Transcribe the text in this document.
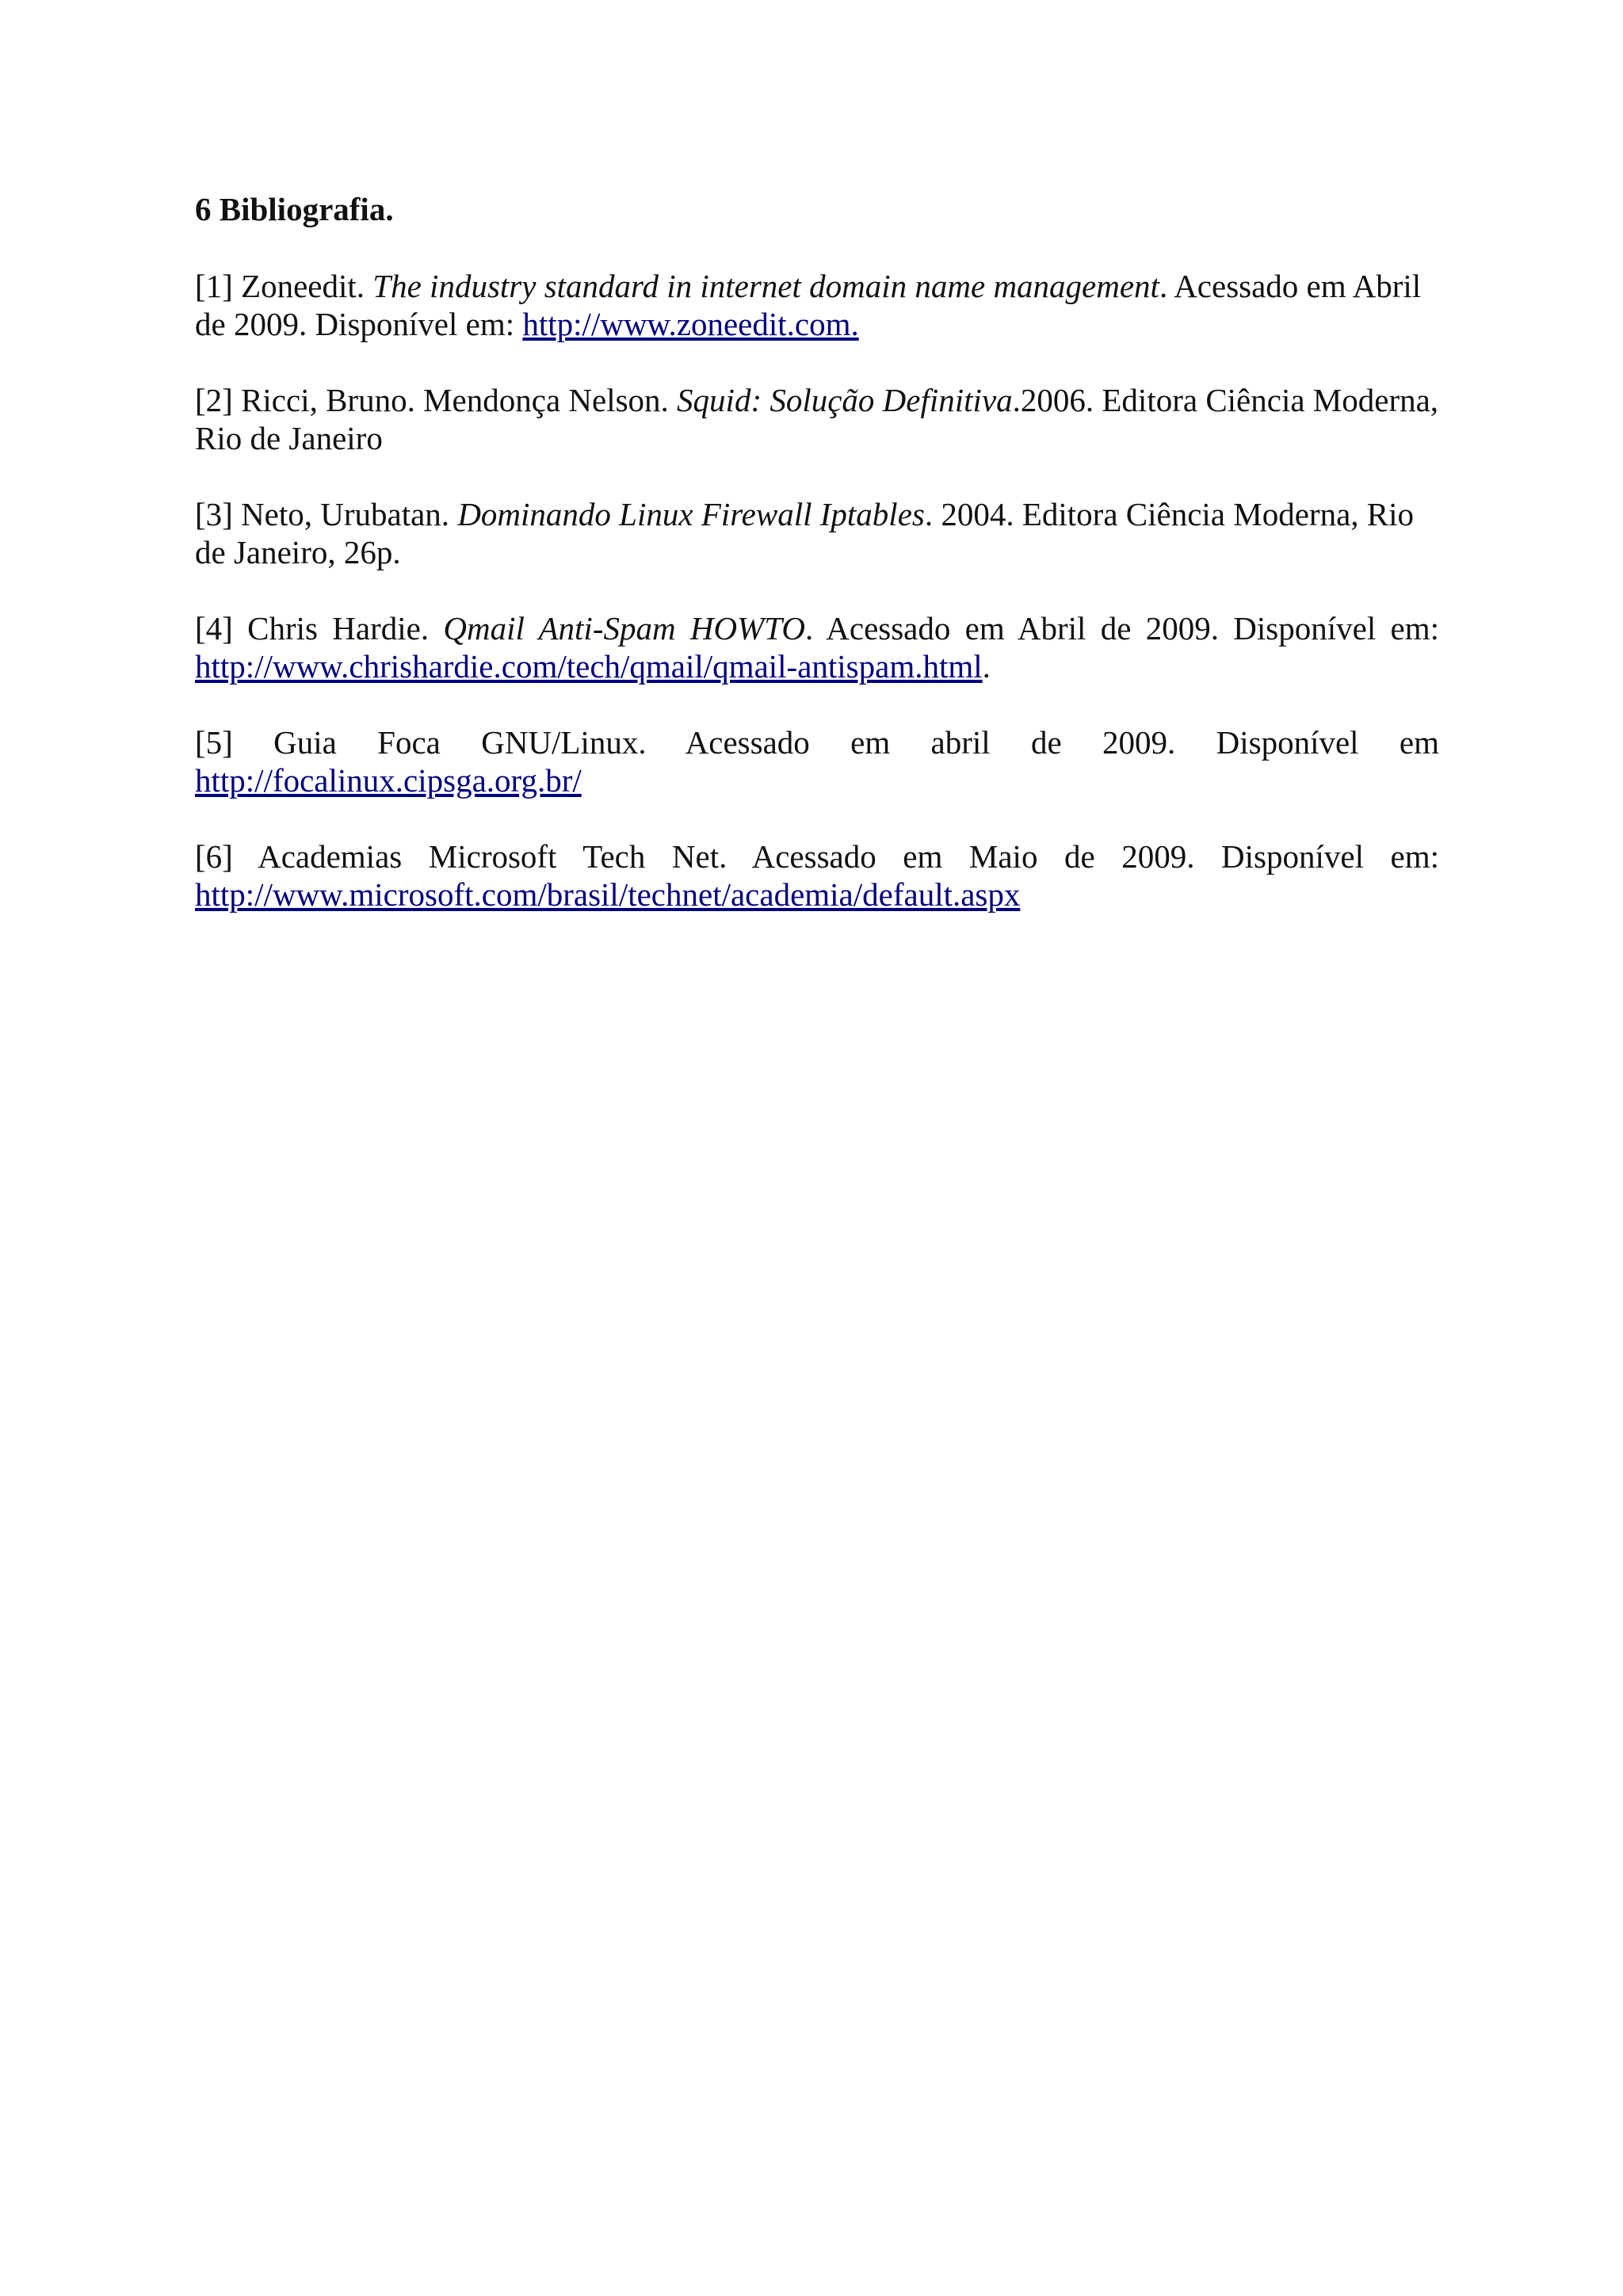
6 Bibliografia.
[1] Zoneedit. The industry standard in internet domain name management. Acessado em Abril de 2009. Disponível em: http://www.zoneedit.com.
[2] Ricci, Bruno. Mendonça Nelson. Squid: Solução Definitiva.2006. Editora Ciência Moderna, Rio de Janeiro
[3] Neto, Urubatan. Dominando Linux Firewall Iptables. 2004. Editora Ciência Moderna, Rio de Janeiro, 26p.
[4] Chris Hardie. Qmail Anti-Spam HOWTO. Acessado em Abril de 2009. Disponível em: http://www.chrishardie.com/tech/qmail/qmail-antispam.html.
[5] Guia Foca GNU/Linux. Acessado em abril de 2009. Disponível em
http://focalinux.cipsga.org.br/
[6] Academias Microsoft Tech Net. Acessado em Maio de 2009. Disponível em:
http://www.microsoft.com/brasil/technet/academia/default.aspx
